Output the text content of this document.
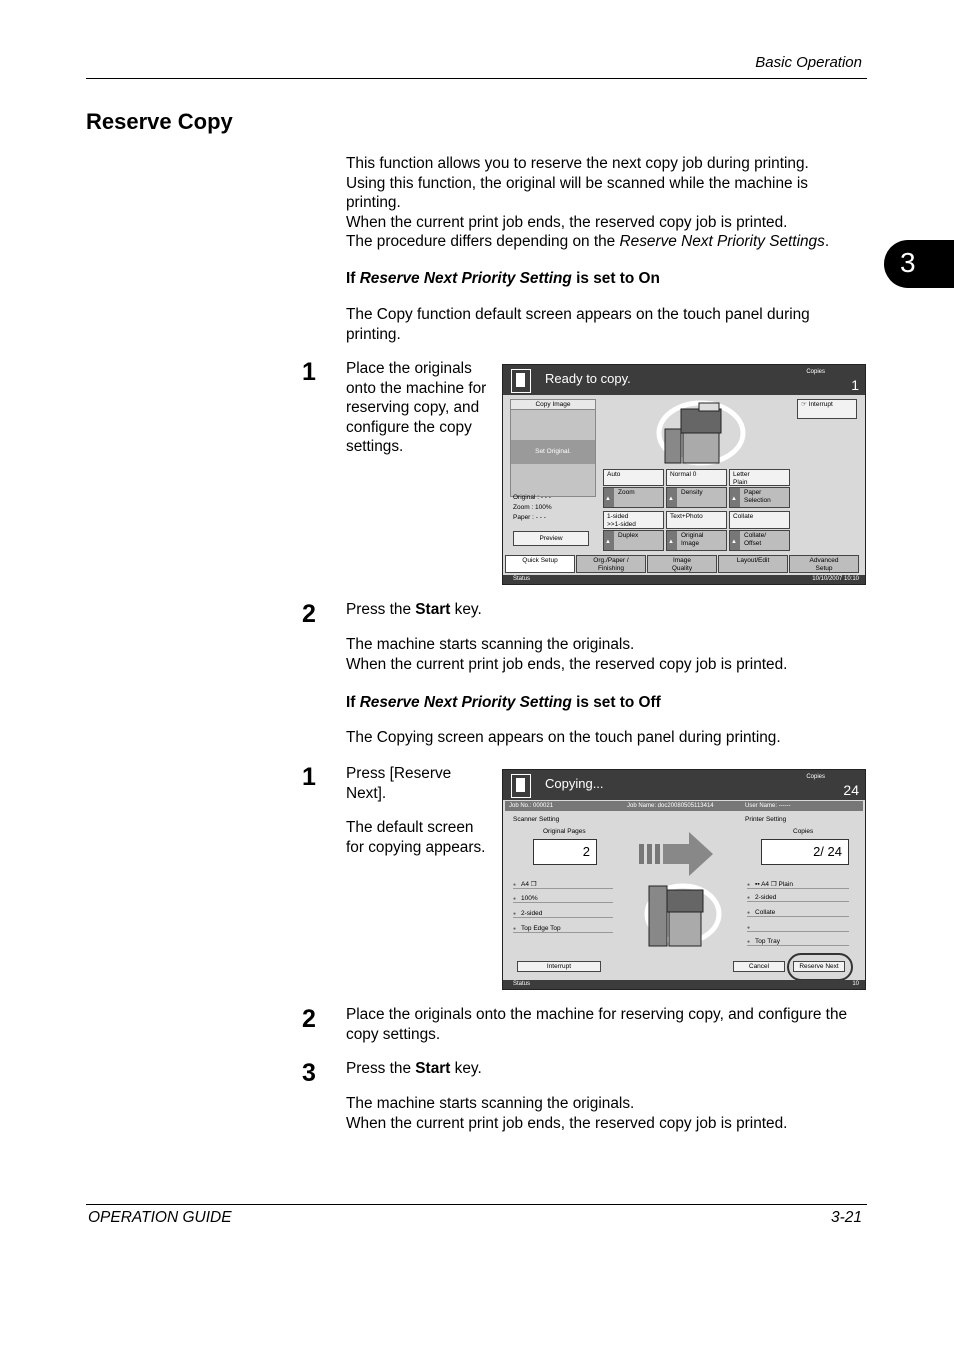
Basic Operation
3
Reserve Copy
This function allows you to reserve the next copy job during printing.
Using this function, the original will be scanned while the machine is
printing.
When the current print job ends, the reserved copy job is printed.
The procedure differs depending on the Reserve Next Priority Settings.
If Reserve Next Priority Setting is set to On
The Copy function default screen appears on the touch panel during
printing.
1 Place the originals
onto the machine for
reserving copy, and
configure the copy
settings.
Ready to copy.	Copies
1
Copy Image
Set Original.
Original : - - -
Zoom : 100%
Paper : - - -
Preview
☞ Interrupt
Auto	Normal 0	Letter
Plain
▲
Zoom ▲	Density ▲	Paper
Selection
1-sided
>>1-sided
Text+Photo	Collate
▲
Duplex ▲	Original
Image
▲
Collate/
Offset
Quick Setup	Org./Paper /
Finishing
Image
Quality
Layout/Edit	Advanced
Setup
Status	10/10/2007 10:10
2 Press the Start key.
The machine starts scanning the originals.
When the current print job ends, the reserved copy job is printed.
If Reserve Next Priority Setting is set to Off
The Copying screen appears on the touch panel during printing.
1 Press [Reserve
Next].
The default screen
for copying appears.
Copying...	Copies
24
Job No.: 000021	Job Name: doc20080505113414	User Name: ------
Scanner Setting
Original Pages
2
Printer Setting
Copies
2/ 24
● A4 ❐
● 100%
● 2-sided
● Top Edge Top
● ▪▪ A4 ❐ Plain
● 2-sided
● Collate
●
● Top Tray
Interrupt	Cancel	Reserve Next
Status	10
2 Place the originals onto the machine for reserving copy, and configure the
copy settings.
3 Press the Start key.
The machine starts scanning the originals.
When the current print job ends, the reserved copy job is printed.
OPERATION GUIDE	3-21
